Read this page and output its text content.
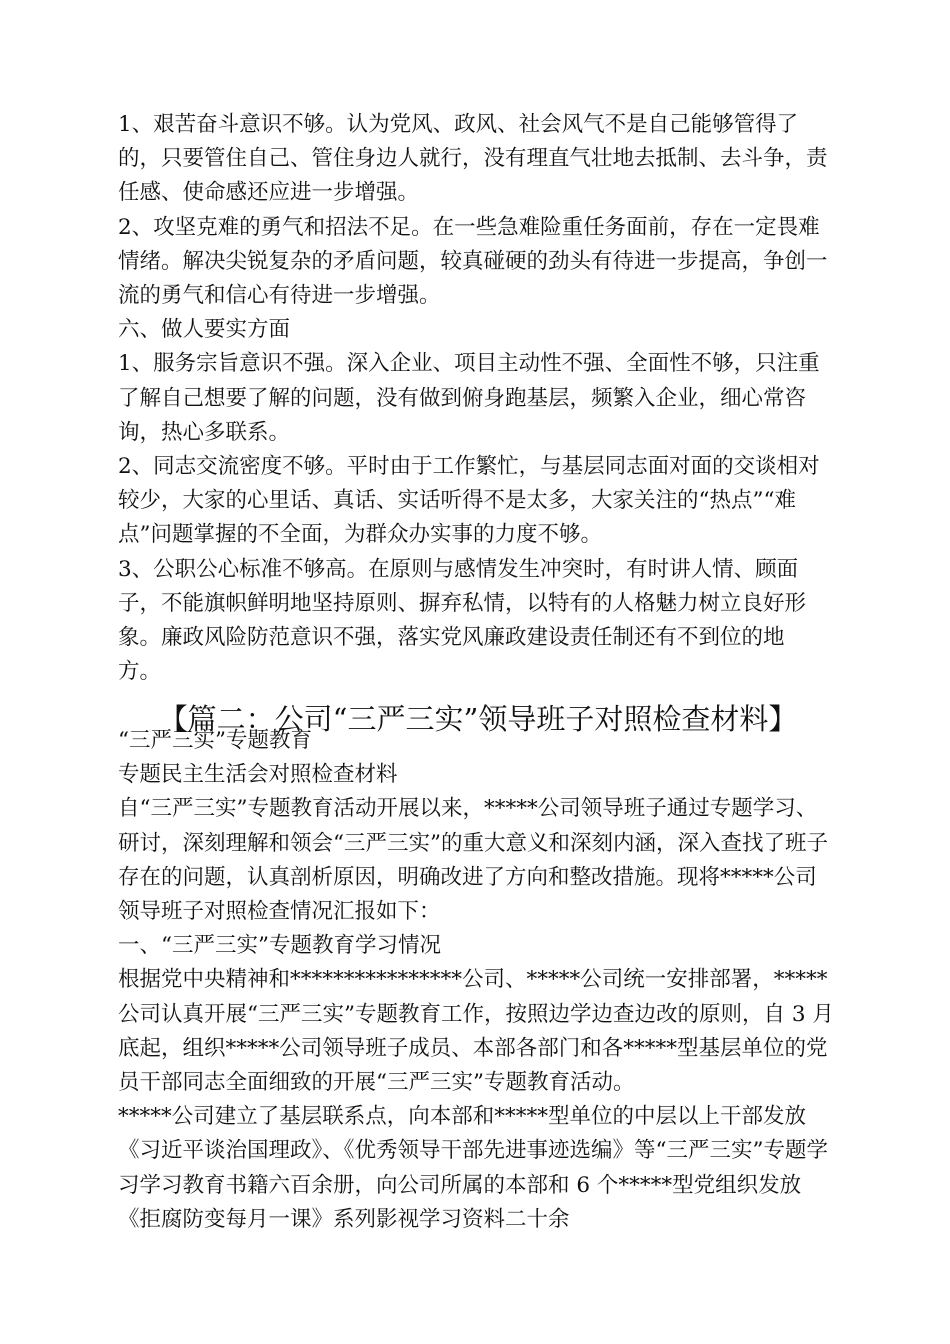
1、艰苦奋斗意识不够。认为党风、政风、社会风气不是自己能够管得了的，只要管住自己、管住身边人就行，没有理直气壮地去抵制、去斗争，责任感、使命感还应进一步增强。

2、攻坚克难的勇气和招法不足。在一些急难险重任务面前，存在一定畏难情绪。解决尖锐复杂的矛盾问题，较真碰硬的劲头有待进一步提高，争创一流的勇气和信心有待进一步增强。

六、做人要实方面

1、服务宗旨意识不强。深入企业、项目主动性不强、全面性不够，只注重了解自己想要了解的问题，没有做到俯身跑基层，频繁入企业，细心常咨询，热心多联系。

2、同志交流密度不够。平时由于工作繁忙，与基层同志面对面的交谈相对较少，大家的心里话、真话、实话听得不是太多，大家关注的“热点”“难点”问题掌握的不全面，为群众办实事的力度不够。

3、公职公心标准不够高。在原则与感情发生冲突时，有时讲人情、顾面子，不能旗帜鲜明地坚持原则、摒弃私情，以特有的人格魅力树立良好形象。廉政风险防范意识不强，落实党风廉政建设责任制还有不到位的地

方。

【篇二：公司“三严三实”领导班子对照检查材料】

“三严三实”专题教育

专题民主生活会对照检查材料

自“三严三实”专题教育活动开展以来，*****公司领导班子通过专题学习、研讨，深刻理解和领会“三严三实”的重大意义和深刻内涵，深入查找了班子存在的问题，认真剖析原因，明确改进了方向和整改措施。现将*****公司领导班子对照检查情况汇报如下：

一、“三严三实”专题教育学习情况

根据党中央精神和****************公司、*****公司统一安排部署，*****公司认真开展“三严三实”专题教育工作，按照边学边查边改的原则，自 3 月底起，组织*****公司领导班子成员、本部各部门和各*****型基层单位的党员干部同志全面细致的开展“三严三实”专题教育活动。

*****公司建立了基层联系点，向本部和*****型单位的中层以上干部发放《习近平谈治国理政》、《优秀领导干部先进事迹选编》等“三严三实”专题学习学习教育书籍六百余册，向公司所属的本部和 6 个*****型党组织发放《拒腐防变每月一课》系列影视学习资料二十余
